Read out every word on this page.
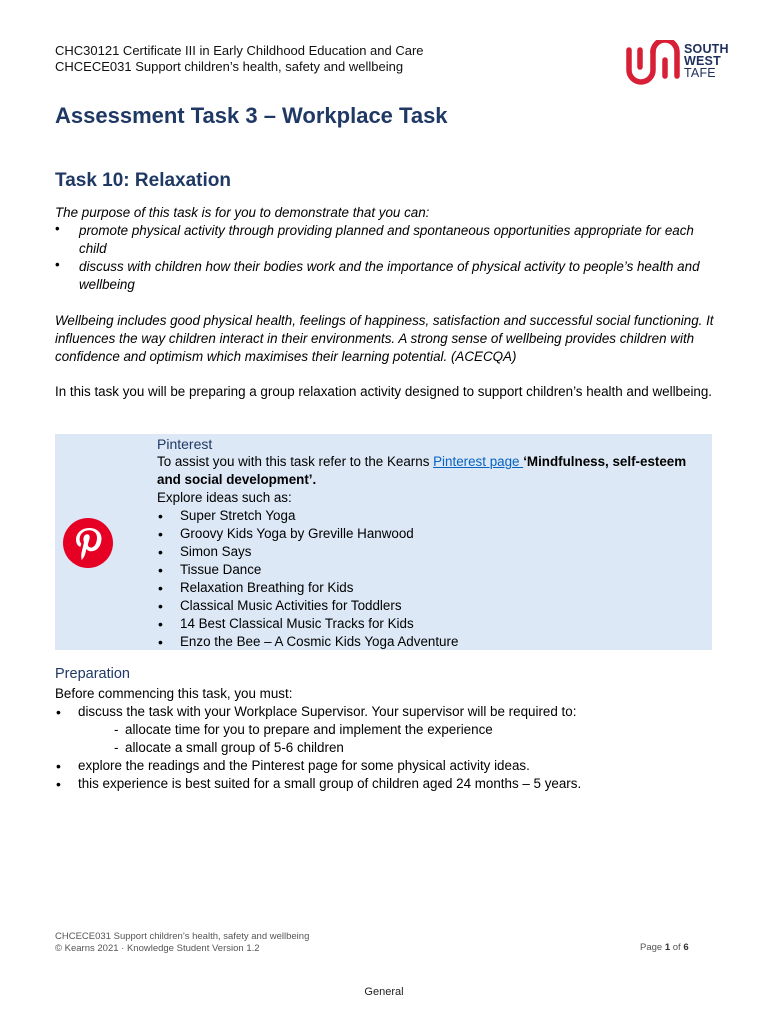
CHC30121 Certificate III in Early Childhood Education and Care
CHCECE031 Support children’s health, safety and wellbeing
SOUTH
WEST
TAFE
Assessment Task 3 – Workplace Task
Task 10: Relaxation
The purpose of this task is for you to demonstrate that you can:
• promote physical activity through providing planned and spontaneous opportunities appropriate for each child
• discuss with children how their bodies work and the importance of physical activity to people’s health and wellbeing

Wellbeing includes good physical health, feelings of happiness, satisfaction and successful social functioning. It influences the way children interact in their environments. A strong sense of wellbeing provides children with confidence and optimism which maximises their learning potential. (ACECQA)

In this task you will be preparing a group relaxation activity designed to support children’s health and wellbeing.

Pinterest
To assist you with this task refer to the Kearns Pinterest page ‘Mindfulness, self-esteem and social development’.
Explore ideas such as:
• Super Stretch Yoga
• Groovy Kids Yoga by Greville Hanwood
• Simon Says
• Tissue Dance
• Relaxation Breathing for Kids
• Classical Music Activities for Toddlers
• 14 Best Classical Music Tracks for Kids
• Enzo the Bee – A Cosmic Kids Yoga Adventure
Preparation
Before commencing this task, you must:
• discuss the task with your Workplace Supervisor. Your supervisor will be required to:
- allocate time for you to prepare and implement the experience
- allocate a small group of 5-6 children
• explore the readings and the Pinterest page for some physical activity ideas.
• this experience is best suited for a small group of children aged 24 months – 5 years.
CHCECE031 Support children’s health, safety and wellbeing
© Kearns 2021 · Knowledge Student Version 1.2	Page 1 of 6
General
